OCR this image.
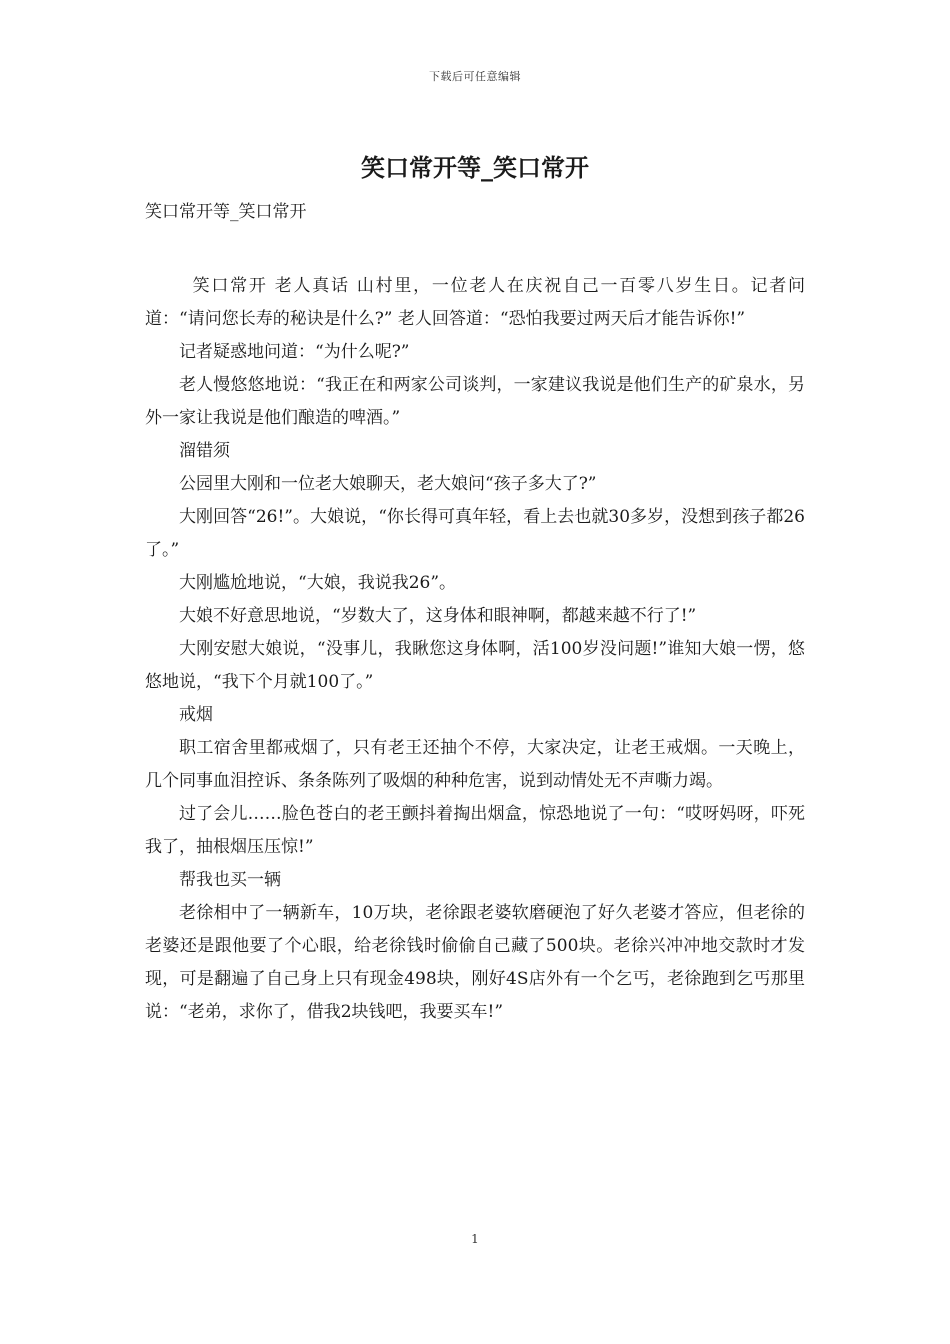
下载后可任意编辑
笑口常开等_笑口常开

笑口常开等_笑口常开

笑口常开 老人真话 山村里，一位老人在庆祝自己一百零八岁生日。记者问道：“请问您长寿的秘诀是什么?” 老人回答道：“恐怕我要过两天后才能告诉你!”

记者疑惑地问道：“为什么呢?”

老人慢悠悠地说：“我正在和两家公司谈判，一家建议我说是他们生产的矿泉水，另外一家让我说是他们酿造的啤酒。”

溜错须

公园里大刚和一位老大娘聊天，老大娘问“孩子多大了?”

大刚回答“26!”。大娘说，“你长得可真年轻，看上去也就30多岁，没想到孩子都26了。”

大刚尴尬地说，“大娘，我说我26”。

大娘不好意思地说，“岁数大了，这身体和眼神啊，都越来越不行了!”

大刚安慰大娘说，“没事儿，我瞅您这身体啊，活100岁没问题!”谁知大娘一愣，悠悠地说，“我下个月就100了。”

戒烟

职工宿舍里都戒烟了，只有老王还抽个不停，大家决定，让老王戒烟。一天晚上，几个同事血泪控诉、条条陈列了吸烟的种种危害，说到动情处无不声嘶力竭。

过了会儿……脸色苍白的老王颤抖着掏出烟盒，惊恐地说了一句：“哎呀妈呀，吓死我了，抽根烟压压惊!”

帮我也买一辆

老徐相中了一辆新车，10万块，老徐跟老婆软磨硬泡了好久老婆才答应，但老徐的老婆还是跟他要了个心眼，给老徐钱时偷偷自己藏了500块。老徐兴冲冲地交款时才发现，可是翻遍了自己身上只有现金498块，刚好4S店外有一个乞丐，老徐跑到乞丐那里说：“老弟，求你了，借我2块钱吧，我要买车!”

1
